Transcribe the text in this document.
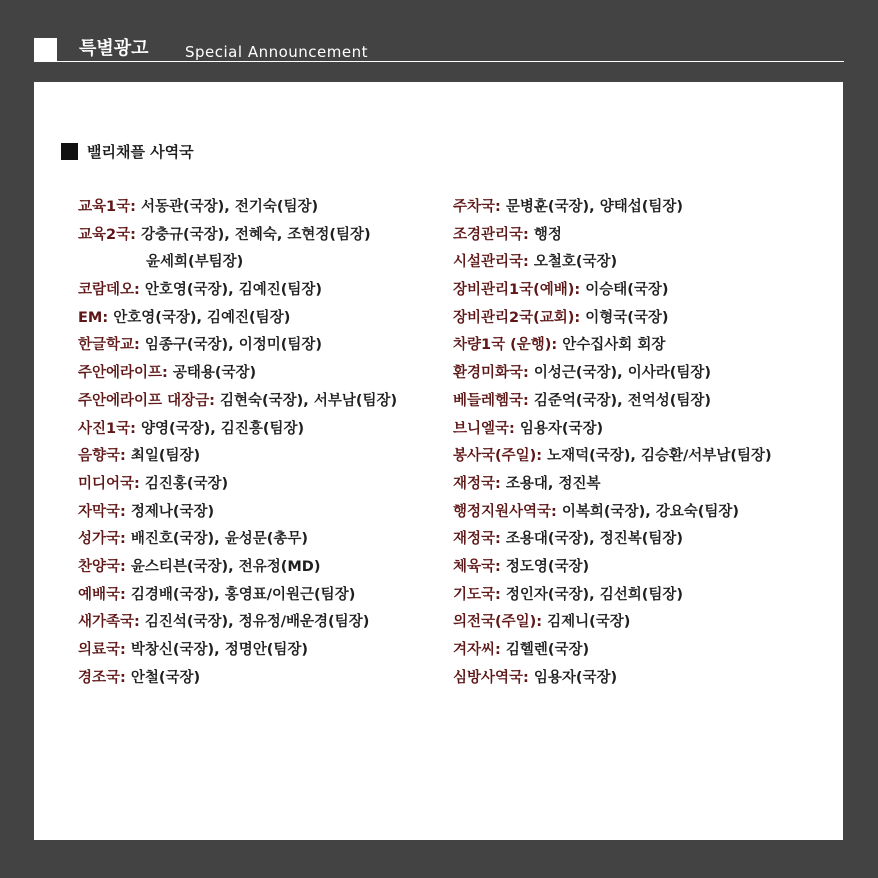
특별광고 Special Announcement
밸리채플 사역국
교육1국: 서동관(국장), 전기숙(팀장)
교육2국: 강충규(국장), 전혜숙, 조현정(팀장)
윤세희(부팀장)
코람데오: 안호영(국장), 김예진(팀장)
EM: 안호영(국장), 김예진(팀장)
한글학교: 임종구(국장), 이정미(팀장)
주안에라이프: 공태용(국장)
주안에라이프 대장금: 김현숙(국장), 서부남(팀장)
사진1국: 양영(국장), 김진흥(팀장)
음향국: 최일(팀장)
미디어국: 김진홍(국장)
자막국: 정제나(국장)
성가국: 배진호(국장), 윤성문(총무)
찬양국: 윤스티븐(국장), 전유정(MD)
예배국: 김경배(국장), 홍영표/이원근(팀장)
새가족국: 김진석(국장), 정유정/배운경(팀장)
의료국: 박창신(국장), 정명안(팀장)
경조국: 안철(국장)
주차국: 문병훈(국장), 양태섭(팀장)
조경관리국: 행정
시설관리국: 오철호(국장)
장비관리1국(예배): 이승태(국장)
장비관리2국(교회): 이형국(국장)
차량1국 (운행): 안수집사회 회장
환경미화국: 이성근(국장), 이사라(팀장)
베들레헴국: 김준억(국장), 전억성(팀장)
브니엘국: 임용자(국장)
봉사국(주일): 노재덕(국장), 김승환/서부남(팀장)
재정국: 조용대, 정진복
행정지원사역국: 이복희(국장), 강요숙(팀장)
재정국: 조용대(국장), 정진복(팀장)
체육국: 정도영(국장)
기도국: 정인자(국장), 김선희(팀장)
의전국(주일): 김제니(국장)
겨자씨: 김헬렌(국장)
심방사역국: 임용자(국장)
